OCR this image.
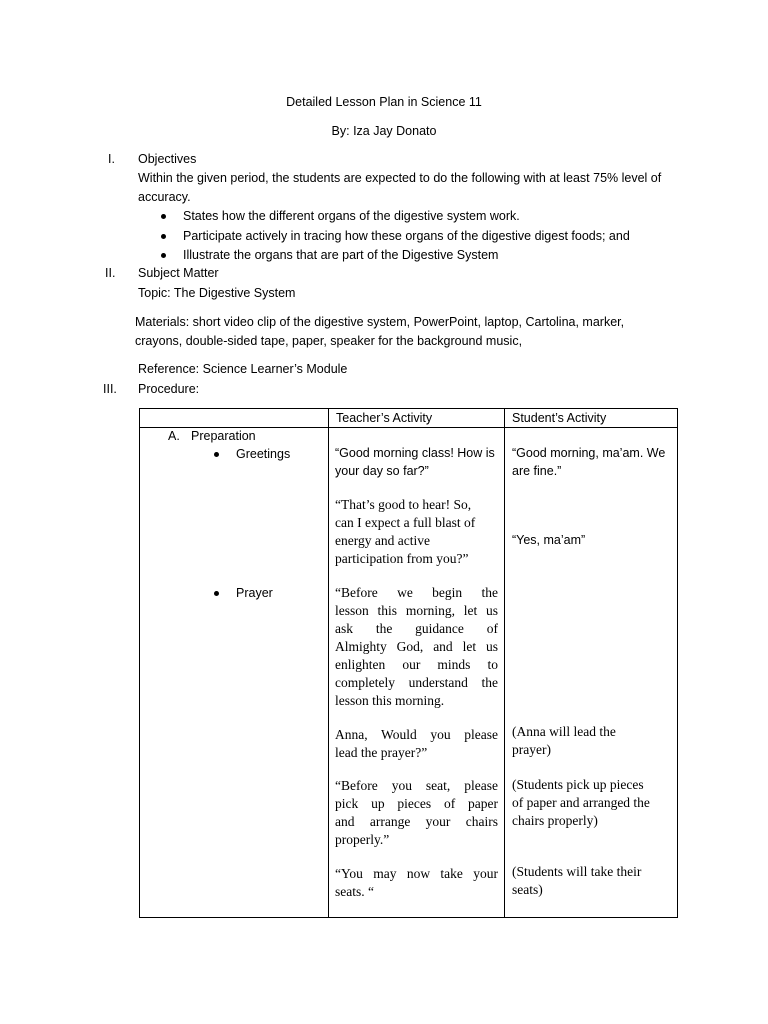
Detailed Lesson Plan in Science 11
By: Iza Jay Donato
I. Objectives
Within the given period, the students are expected to do the following with at least 75% level of
accuracy.
States how the different organs of the digestive system work.
Participate actively in tracing how these organs of the digestive digest foods; and
Illustrate the organs that are part of the Digestive System
II. Subject Matter
Topic: The Digestive System
Materials: short video clip of the digestive system, PowerPoint, laptop, Cartolina, marker,
crayons, double-sided tape, paper, speaker for the background music,
Reference: Science Learner’s Module
III. Procedure:
Teacher’s Activity	Student’s Activity
A. Preparation
Greetings
Prayer
“Good morning class! How is
your day so far?”
“That’s good to hear! So,
can I expect a full blast of
energy and active
participation from you?”
“Before we begin the
lesson this morning, let us
ask the guidance of
Almighty God, and let us
enlighten our minds to
completely understand the
lesson this morning.
Anna, Would you please
lead the prayer?”
“Before you seat, please
pick up pieces of paper
and arrange your chairs
properly.”
“You may now take your
seats. “
“Good morning, ma’am. We
are fine.”
“Yes, ma’am”
(Anna will lead the
prayer)
(Students pick up pieces
of paper and arranged the
chairs properly)
(Students will take their
seats)
